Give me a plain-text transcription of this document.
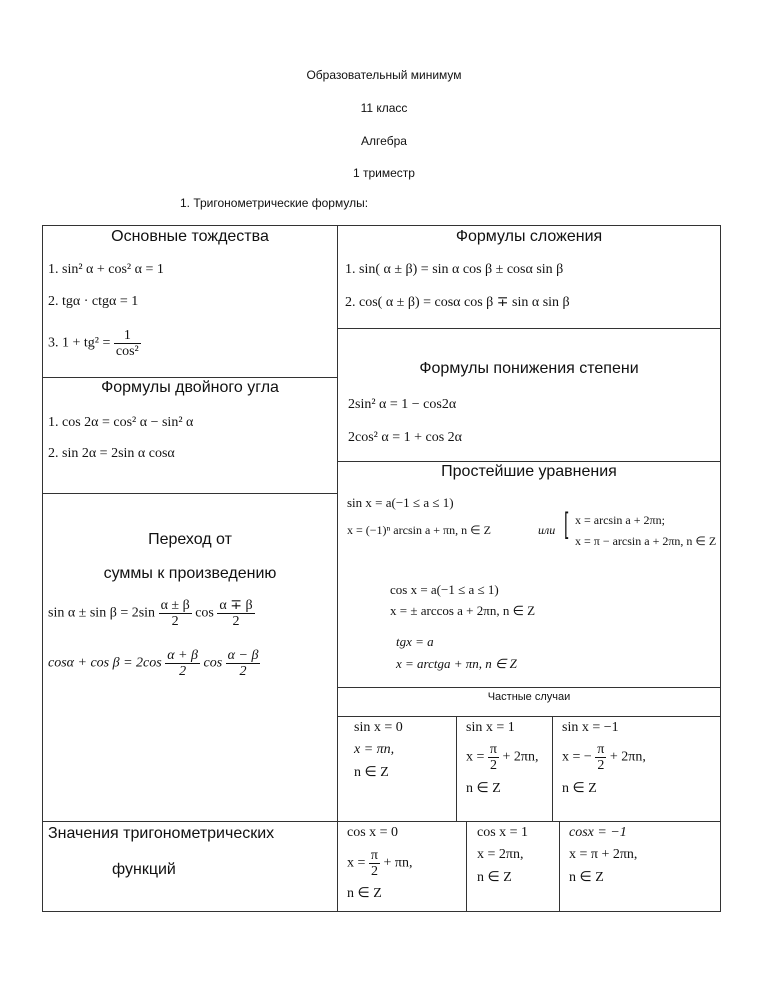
Образовательный минимум
11 класс
Алгебра
1 триместр
1. Тригонометрические формулы:
Основные тождества
1. sin² α + cos² α = 1
2. tgα · ctgα = 1
3. $1 + tg^2 = \frac{1}{\text{cos²}}$
Формулы сложения
1. sin( α ± β) = sin α cos β ± cosα sin β
2. cos( α ± β) = cosα cos β ∓ sin α sin β
Формулы двойного угла
1. cos 2α = cos² α − sin² α
2. sin 2α = 2sin α cosα
Формулы понижения степени
2sin² α = 1 − cos2α
2cos² α = 1 + cos 2α
Переход от
суммы к произведению
$\sin \alpha \pm \sin \beta = 2\sin \frac{\alpha \pm \beta}{2}$ $\cos \frac{\alpha \mp \beta}{2}$
$\cos\alpha + \cos \beta = 2\cos \frac{\alpha + \beta}{2}$ $\cos \frac{\alpha - \beta}{2}$
Простейшие уравнения
sin x = a(−1 ≤ a ≤ 1)
x = (−1)ⁿ arcsin a + πn, n ∈ Z	или [ x = arcsin a + 2πn;
x = π − arcsin a + 2πn, n ∈ Z
cos x = a(−1 ≤ a ≤ 1)
x = ± arccos a + 2πn, n ∈ Z
tgx = a
x = arctga + πn, n ∈ Z
Частные случаи
sin x = 0
x = πn,
n ∈ Z
sin x = 1
$x = \frac{\pi}{2} + 2\pi n$,
n ∈ Z
sin x = −1
x = − $\frac{\pi}{2} + 2\pi n$,
n ∈ Z
cos x = 0
$x = \frac{\pi}{2} + \pi n$,
n ∈ Z
cos x = 1
x = 2πn,
n ∈ Z
cosx = −1
x = π + 2πn,
n ∈ Z
Значения тригонометрических
функций
